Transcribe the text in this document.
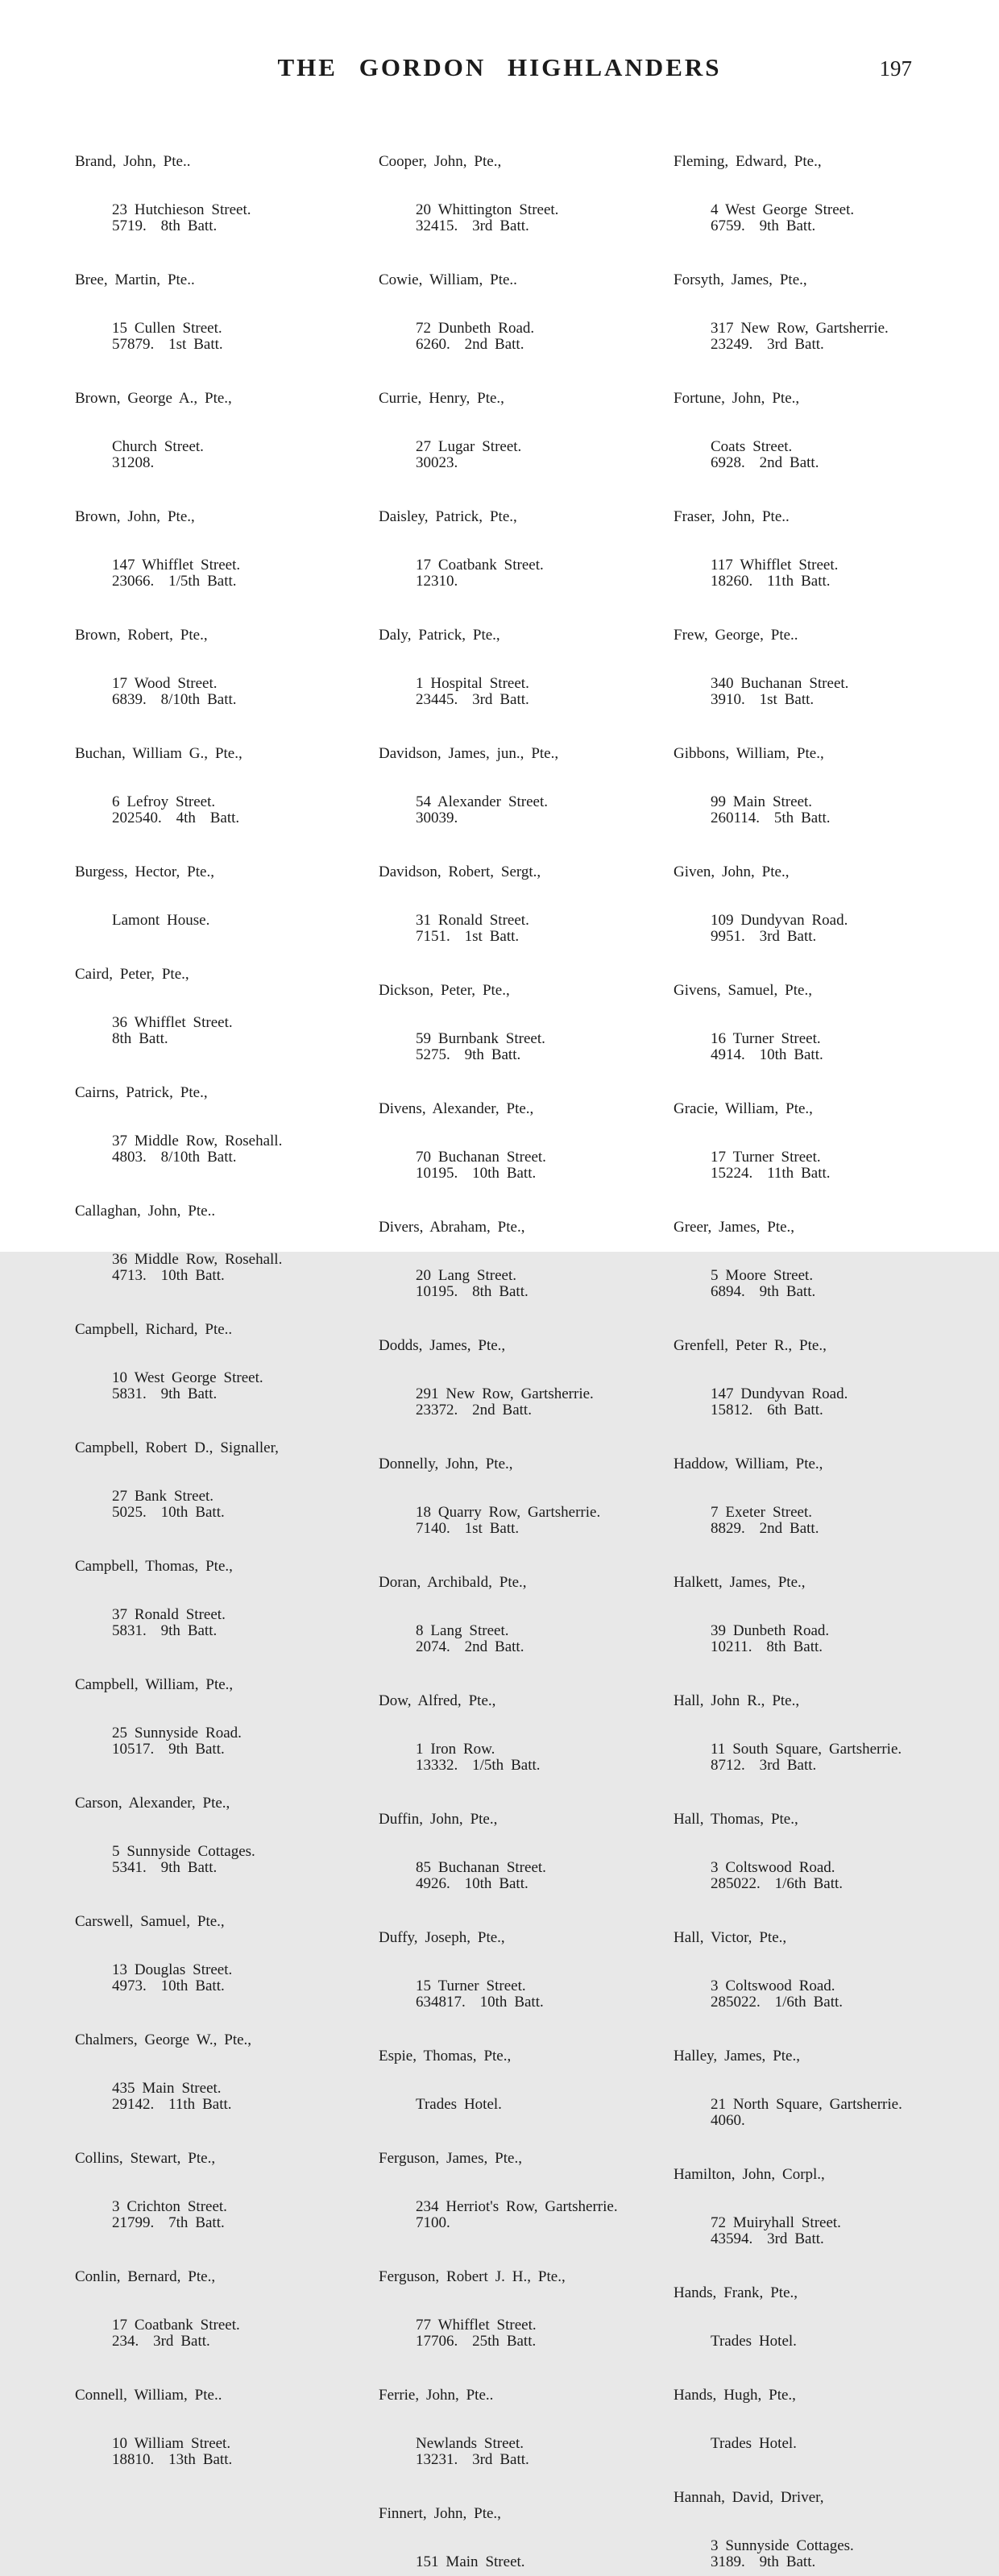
THE GORDON HIGHLANDERS	197

Brand, John, Pte..

23 Hutchieson Street.
5719.  8th Batt.

Bree, Martin, Pte..

15 Cullen Street.
57879.  1st Batt.

Brown, George A., Pte.,

Church Street.
31208.

Brown, John, Pte.,

147 Whifflet Street.
23066.  1/5th Batt.

Brown, Robert, Pte.,

17 Wood Street.
6839.  8/10th Batt.

Buchan, William G., Pte.,

6 Lefroy Street.
202540.  4th  Batt.

Burgess, Hector, Pte.,

Lamont House.

Caird, Peter, Pte.,

36 Whifflet Street.
8th Batt.

Cairns, Patrick, Pte.,

37 Middle Row, Rosehall.
4803.  8/10th Batt.

Callaghan, John, Pte..

36 Middle Row, Rosehall.
4713.  10th Batt.

Campbell, Richard, Pte..

10 West George Street.
5831.  9th Batt.

Campbell, Robert D., Signaller,

27 Bank Street.
5025.  10th Batt.

Campbell, Thomas, Pte.,

37 Ronald Street.
5831.  9th Batt.

Campbell, William, Pte.,

25 Sunnyside Road.
10517.  9th Batt.

Carson, Alexander, Pte.,

5 Sunnyside Cottages.
5341.  9th Batt.

Carswell, Samuel, Pte.,

13 Douglas Street.
4973.  10th Batt.

Chalmers, George W., Pte.,

435 Main Street.
29142.  11th Batt.

Collins, Stewart, Pte.,

3 Crichton Street.
21799.  7th Batt.

Conlin, Bernard, Pte.,

17 Coatbank Street.
234.  3rd Batt.

Connell, William, Pte..

10 William Street.
18810.  13th Batt.

Cooper, John, Pte.,

20 Whittington Street.
32415.  3rd Batt.

Cowie, William, Pte..

72 Dunbeth Road.
6260.  2nd Batt.

Currie, Henry, Pte.,

27 Lugar Street.
30023.

Daisley, Patrick, Pte.,

17 Coatbank Street.
12310.

Daly, Patrick, Pte.,

1 Hospital Street.
23445.  3rd Batt.

Davidson, James, jun., Pte.,

54 Alexander Street.
30039.

Davidson, Robert, Sergt.,

31 Ronald Street.
7151.  1st Batt.

Dickson, Peter, Pte.,

59 Burnbank Street.
5275.  9th Batt.

Divens, Alexander, Pte.,

70 Buchanan Street.
10195.  10th Batt.

Divers, Abraham, Pte.,

20 Lang Street.
10195.  8th Batt.

Dodds, James, Pte.,

291 New Row, Gartsherrie.
23372.  2nd Batt.

Donnelly, John, Pte.,

18 Quarry Row, Gartsherrie.
7140.  1st Batt.

Doran, Archibald, Pte.,

8 Lang Street.
2074.  2nd Batt.

Dow, Alfred, Pte.,

1 Iron Row.
13332.  1/5th Batt.

Duffin, John, Pte.,

85 Buchanan Street.
4926.  10th Batt.

Duffy, Joseph, Pte.,

15 Turner Street.
634817.  10th Batt.

Espie, Thomas, Pte.,

Trades Hotel.

Ferguson, James, Pte.,

234 Herriot's Row, Gartsherrie.
7100.

Ferguson, Robert J. H., Pte.,

77 Whifflet Street.
17706.  25th Batt.

Ferrie, John, Pte..

Newlands Street.
13231.  3rd Batt.

Finnert, John, Pte.,

151 Main Street.

Fleming, Edward, Pte.,

4 West George Street.
6759.  9th Batt.

Forsyth, James, Pte.,

317 New Row, Gartsherrie.
23249.  3rd Batt.

Fortune, John, Pte.,

Coats Street.
6928.  2nd Batt.

Fraser, John, Pte..

117 Whifflet Street.
18260.  11th Batt.

Frew, George, Pte..

340 Buchanan Street.
3910.  1st Batt.

Gibbons, William, Pte.,

99 Main Street.
260114.  5th Batt.

Given, John, Pte.,

109 Dundyvan Road.
9951.  3rd Batt.

Givens, Samuel, Pte.,

16 Turner Street.
4914.  10th Batt.

Gracie, William, Pte.,

17 Turner Street.
15224.  11th Batt.

Greer, James, Pte.,

5 Moore Street.
6894.  9th Batt.

Grenfell, Peter R., Pte.,

147 Dundyvan Road.
15812.  6th Batt.

Haddow, William, Pte.,

7 Exeter Street.
8829.  2nd Batt.

Halkett, James, Pte.,

39 Dunbeth Road.
10211.  8th Batt.

Hall, John R., Pte.,

11 South Square, Gartsherrie.
8712.  3rd Batt.

Hall, Thomas, Pte.,

3 Coltswood Road.
285022.  1/6th Batt.

Hall, Victor, Pte.,

3 Coltswood Road.
285022.  1/6th Batt.

Halley, James, Pte.,

21 North Square, Gartsherrie.
4060.

Hamilton, John, Corpl.,

72 Muiryhall Street.
43594.  3rd Batt.

Hands, Frank, Pte.,

Trades Hotel.

Hands, Hugh, Pte.,

Trades Hotel.

Hannah, David, Driver,

3 Sunnyside Cottages.
3189.  9th Batt.
